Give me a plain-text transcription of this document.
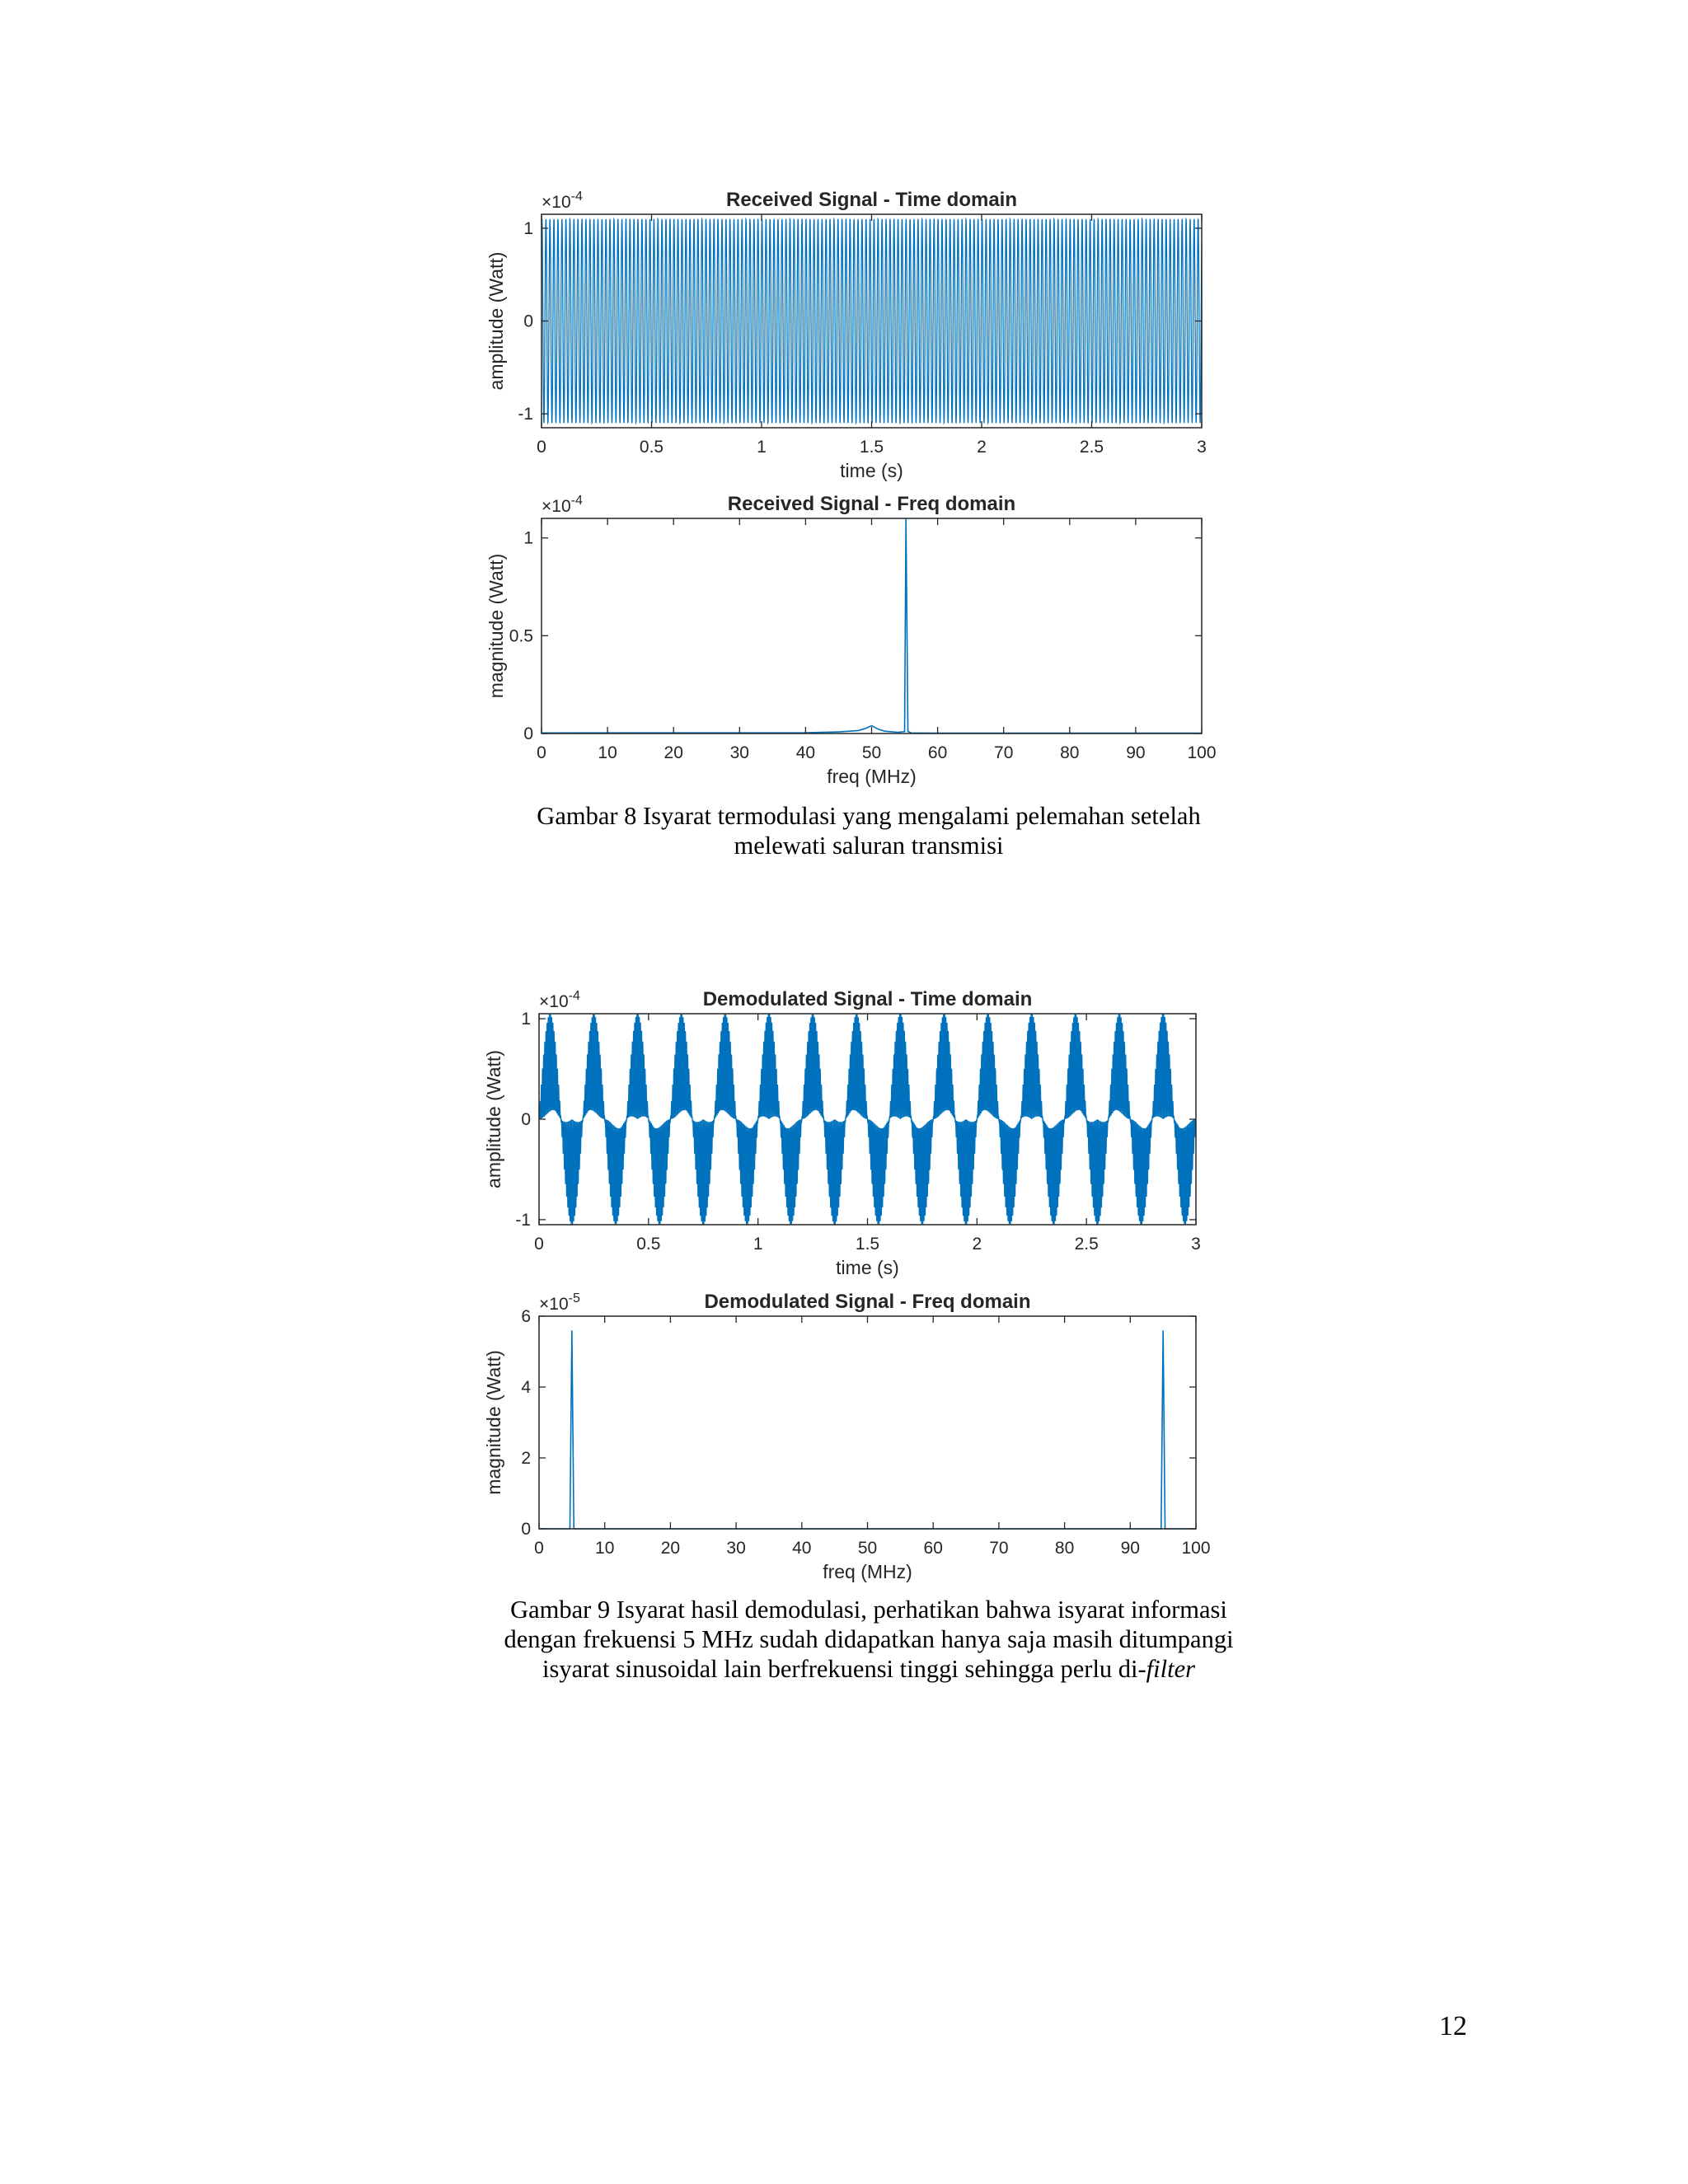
0	0.5	1	1.5	2	2.5	3
-1
0
1
Received Signal - Time domain
$\times 10^{-4}$
time (s)
amplitude (Watt)
0	10	20	30	40	50	60	70	80	90 100
0
0.5
1
Received Signal - Freq domain
$\times 10^{-4}$
freq (MHz)
magnitude (Watt)

Gambar 8 Isyarat termodulasi yang mengalami pelemahan setelah

melewati saluran transmisi

0	0.5	1	1.5	2	2.5	3
-1
0
1
Demodulated Signal - Time domain
$\times 10^{-4}$
time (s)
amplitude (Watt)
0	10	20	30	40	50	60	70	80	90 100
0
2
4
6
Demodulated Signal - Freq domain
$\times 10^{-5}$
freq (MHz)
magnitude (Watt)

Gambar 9 Isyarat hasil demodulasi, perhatikan bahwa isyarat informasi

dengan frekuensi 5 MHz sudah didapatkan hanya saja masih ditumpangi

isyarat sinusoidal lain berfrekuensi tinggi sehingga perlu di-filter

12
